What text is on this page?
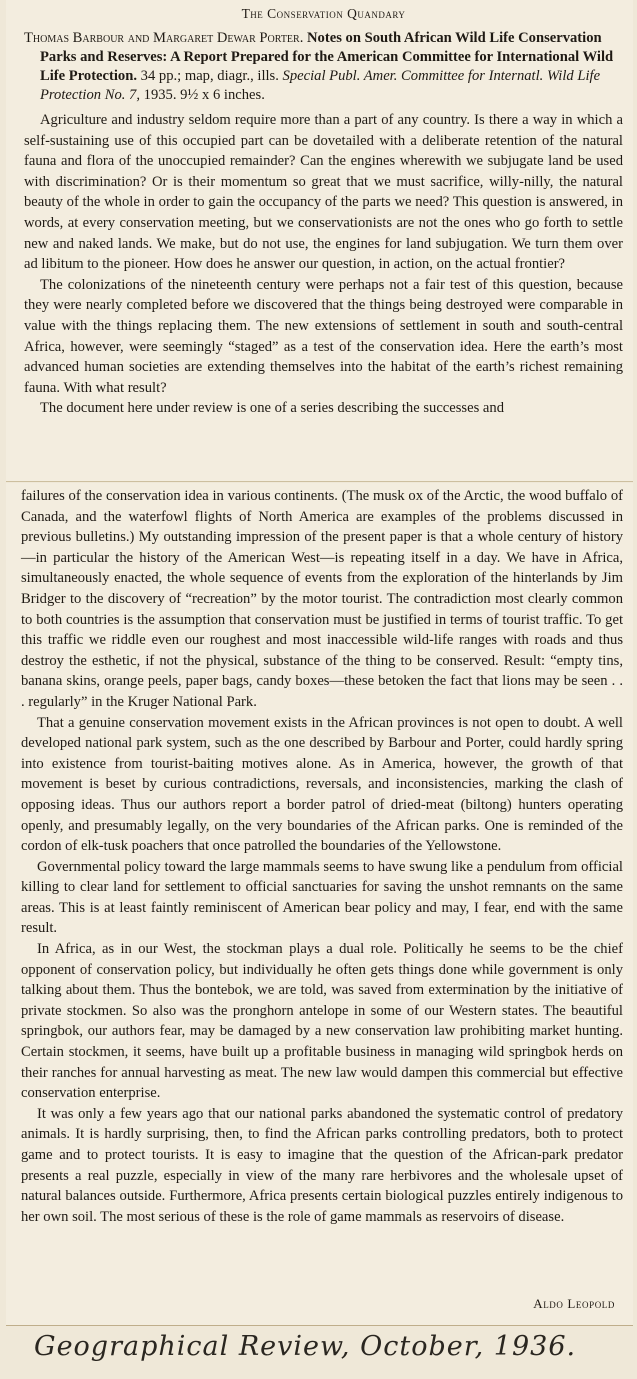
The Conservation Quandary
Thomas Barbour and Margaret Dewar Porter. Notes on South African Wild Life Conservation Parks and Reserves: A Report Prepared for the American Committee for International Wild Life Protection. 34 pp.; map, diagr., ills. Special Publ. Amer. Committee for Internatl. Wild Life Protection No. 7, 1935. 9½ x 6 inches.

Agriculture and industry seldom require more than a part of any country. Is there a way in which a self-sustaining use of this occupied part can be dovetailed with a deliberate retention of the natural fauna and flora of the unoccupied remainder? Can the engines wherewith we subjugate land be used with discrimination? Or is their momentum so great that we must sacrifice, willy-nilly, the natural beauty of the whole in order to gain the occupancy of the parts we need? This question is answered, in words, at every conservation meeting, but we conservationists are not the ones who go forth to settle new and naked lands. We make, but do not use, the engines for land subjugation. We turn them over ad libitum to the pioneer. How does he answer our question, in action, on the actual frontier?

The colonizations of the nineteenth century were perhaps not a fair test of this question, because they were nearly completed before we discovered that the things being destroyed were comparable in value with the things replacing them. The new extensions of settlement in south and south-central Africa, however, were seemingly “staged” as a test of the conservation idea. Here the earth’s most advanced human societies are extending themselves into the habitat of the earth’s richest remaining fauna. With what result?

The document here under review is one of a series describing the successes and

failures of the conservation idea in various continents. (The musk ox of the Arctic, the wood buffalo of Canada, and the waterfowl flights of North America are examples of the problems discussed in previous bulletins.) My outstanding impression of the present paper is that a whole century of history—in particular the history of the American West—is repeating itself in a day. We have in Africa, simultaneously enacted, the whole sequence of events from the exploration of the hinterlands by Jim Bridger to the discovery of “recreation” by the motor tourist. The contradiction most clearly common to both countries is the assumption that conservation must be justified in terms of tourist traffic. To get this traffic we riddle even our roughest and most inaccessible wild-life ranges with roads and thus destroy the esthetic, if not the physical, substance of the thing to be conserved. Result: “empty tins, banana skins, orange peels, paper bags, candy boxes—these betoken the fact that lions may be seen . . . regularly” in the Kruger National Park.

That a genuine conservation movement exists in the African provinces is not open to doubt. A well developed national park system, such as the one described by Barbour and Porter, could hardly spring into existence from tourist-baiting motives alone. As in America, however, the growth of that movement is beset by curious contradictions, reversals, and inconsistencies, marking the clash of opposing ideas. Thus our authors report a border patrol of dried-meat (biltong) hunters operating openly, and presumably legally, on the very boundaries of the African parks. One is reminded of the cordon of elk-tusk poachers that once patrolled the boundaries of the Yellowstone.

Governmental policy toward the large mammals seems to have swung like a pendulum from official killing to clear land for settlement to official sanctuaries for saving the unshot remnants on the same areas. This is at least faintly reminiscent of American bear policy and may, I fear, end with the same result.

In Africa, as in our West, the stockman plays a dual role. Politically he seems to be the chief opponent of conservation policy, but individually he often gets things done while government is only talking about them. Thus the bontebok, we are told, was saved from extermination by the initiative of private stockmen. So also was the pronghorn antelope in some of our Western states. The beautiful springbok, our authors fear, may be damaged by a new conservation law prohibiting market hunting. Certain stockmen, it seems, have built up a profitable business in managing wild springbok herds on their ranches for annual harvesting as meat. The new law would dampen this commercial but effective conservation enterprise.

It was only a few years ago that our national parks abandoned the systematic control of predatory animals. It is hardly surprising, then, to find the African parks controlling predators, both to protect game and to protect tourists. It is easy to imagine that the question of the African-park predator presents a real puzzle, especially in view of the many rare herbivores and the wholesale upset of natural balances outside. Furthermore, Africa presents certain biological puzzles entirely indigenous to her own soil. The most serious of these is the role of game mammals as reservoirs of disease.

Aldo Leopold
Geographical Review, October, 1936.
